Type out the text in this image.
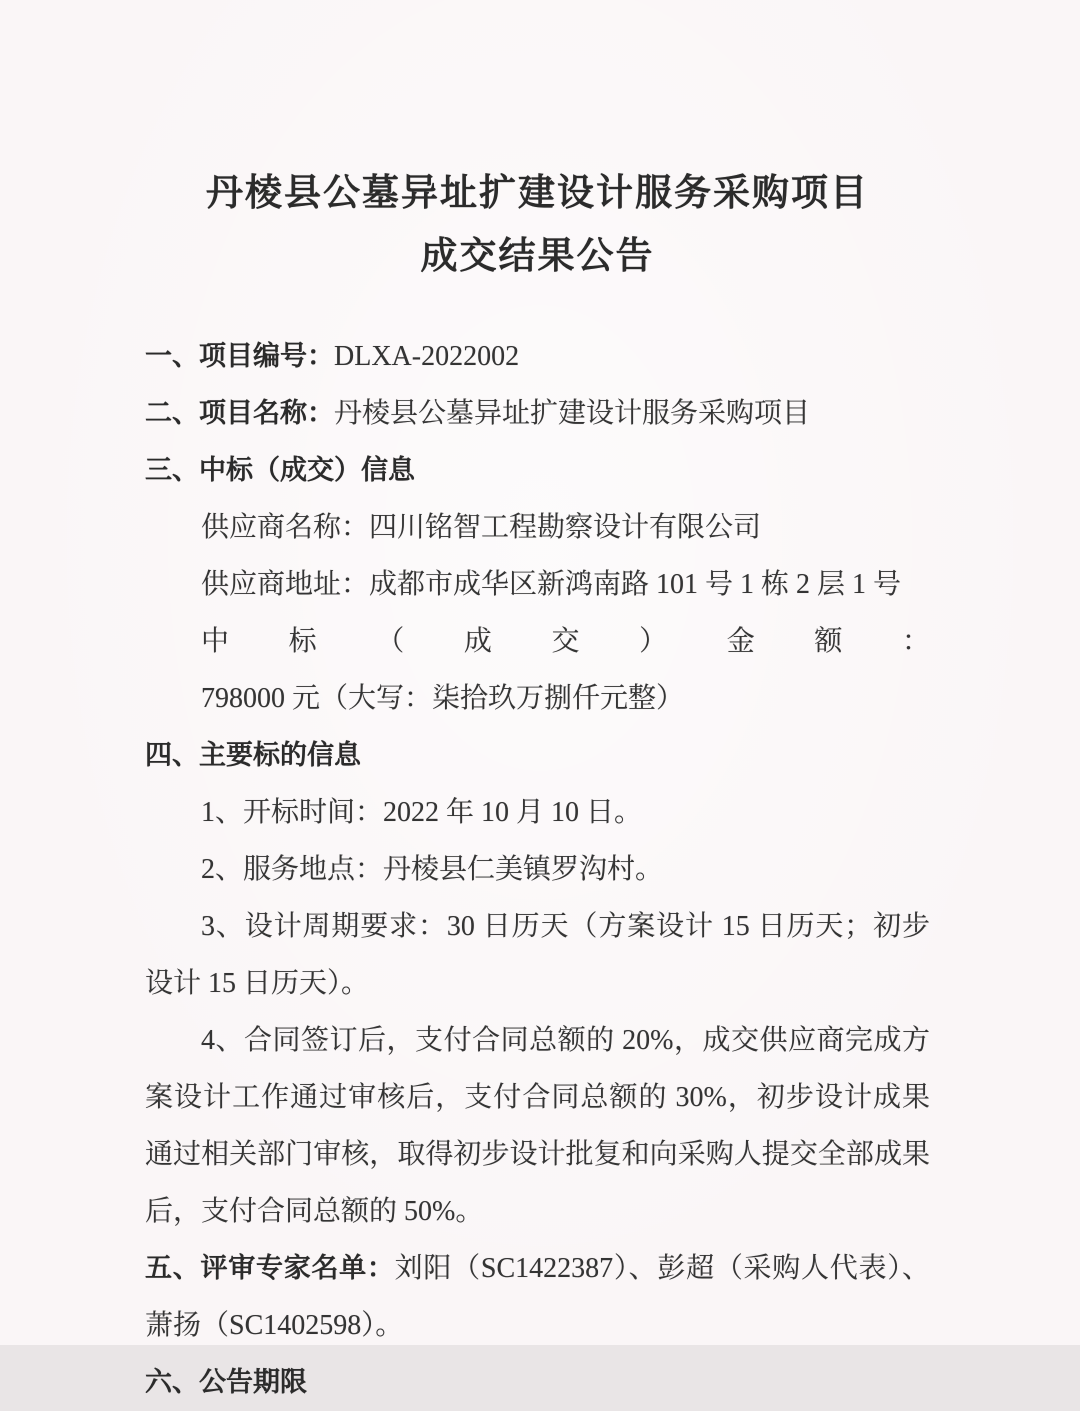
丹棱县公墓异址扩建设计服务采购项目
成交结果公告

一、项目编号：DLXA-2022002

二、项目名称：丹棱县公墓异址扩建设计服务采购项目

三、中标（成交）信息

供应商名称：四川铭智工程勘察设计有限公司

供应商地址：成都市成华区新鸿南路 101 号 1 栋 2 层 1 号

中标（成交）金额：798000 元（大写：柒拾玖万捌仟元整）

四、主要标的信息

1、开标时间：2022 年 10 月 10 日。

2、服务地点：丹棱县仁美镇罗沟村。

3、设计周期要求：30 日历天（方案设计 15 日历天；初步设计 15 日历天）。

4、合同签订后，支付合同总额的 20%，成交供应商完成方案设计工作通过审核后，支付合同总额的 30%，初步设计成果通过相关部门审核，取得初步设计批复和向采购人提交全部成果后，支付合同总额的 50%。

五、评审专家名单：刘阳（SC1422387）、彭超（采购人代表）、萧扬（SC1402598）。

六、公告期限
